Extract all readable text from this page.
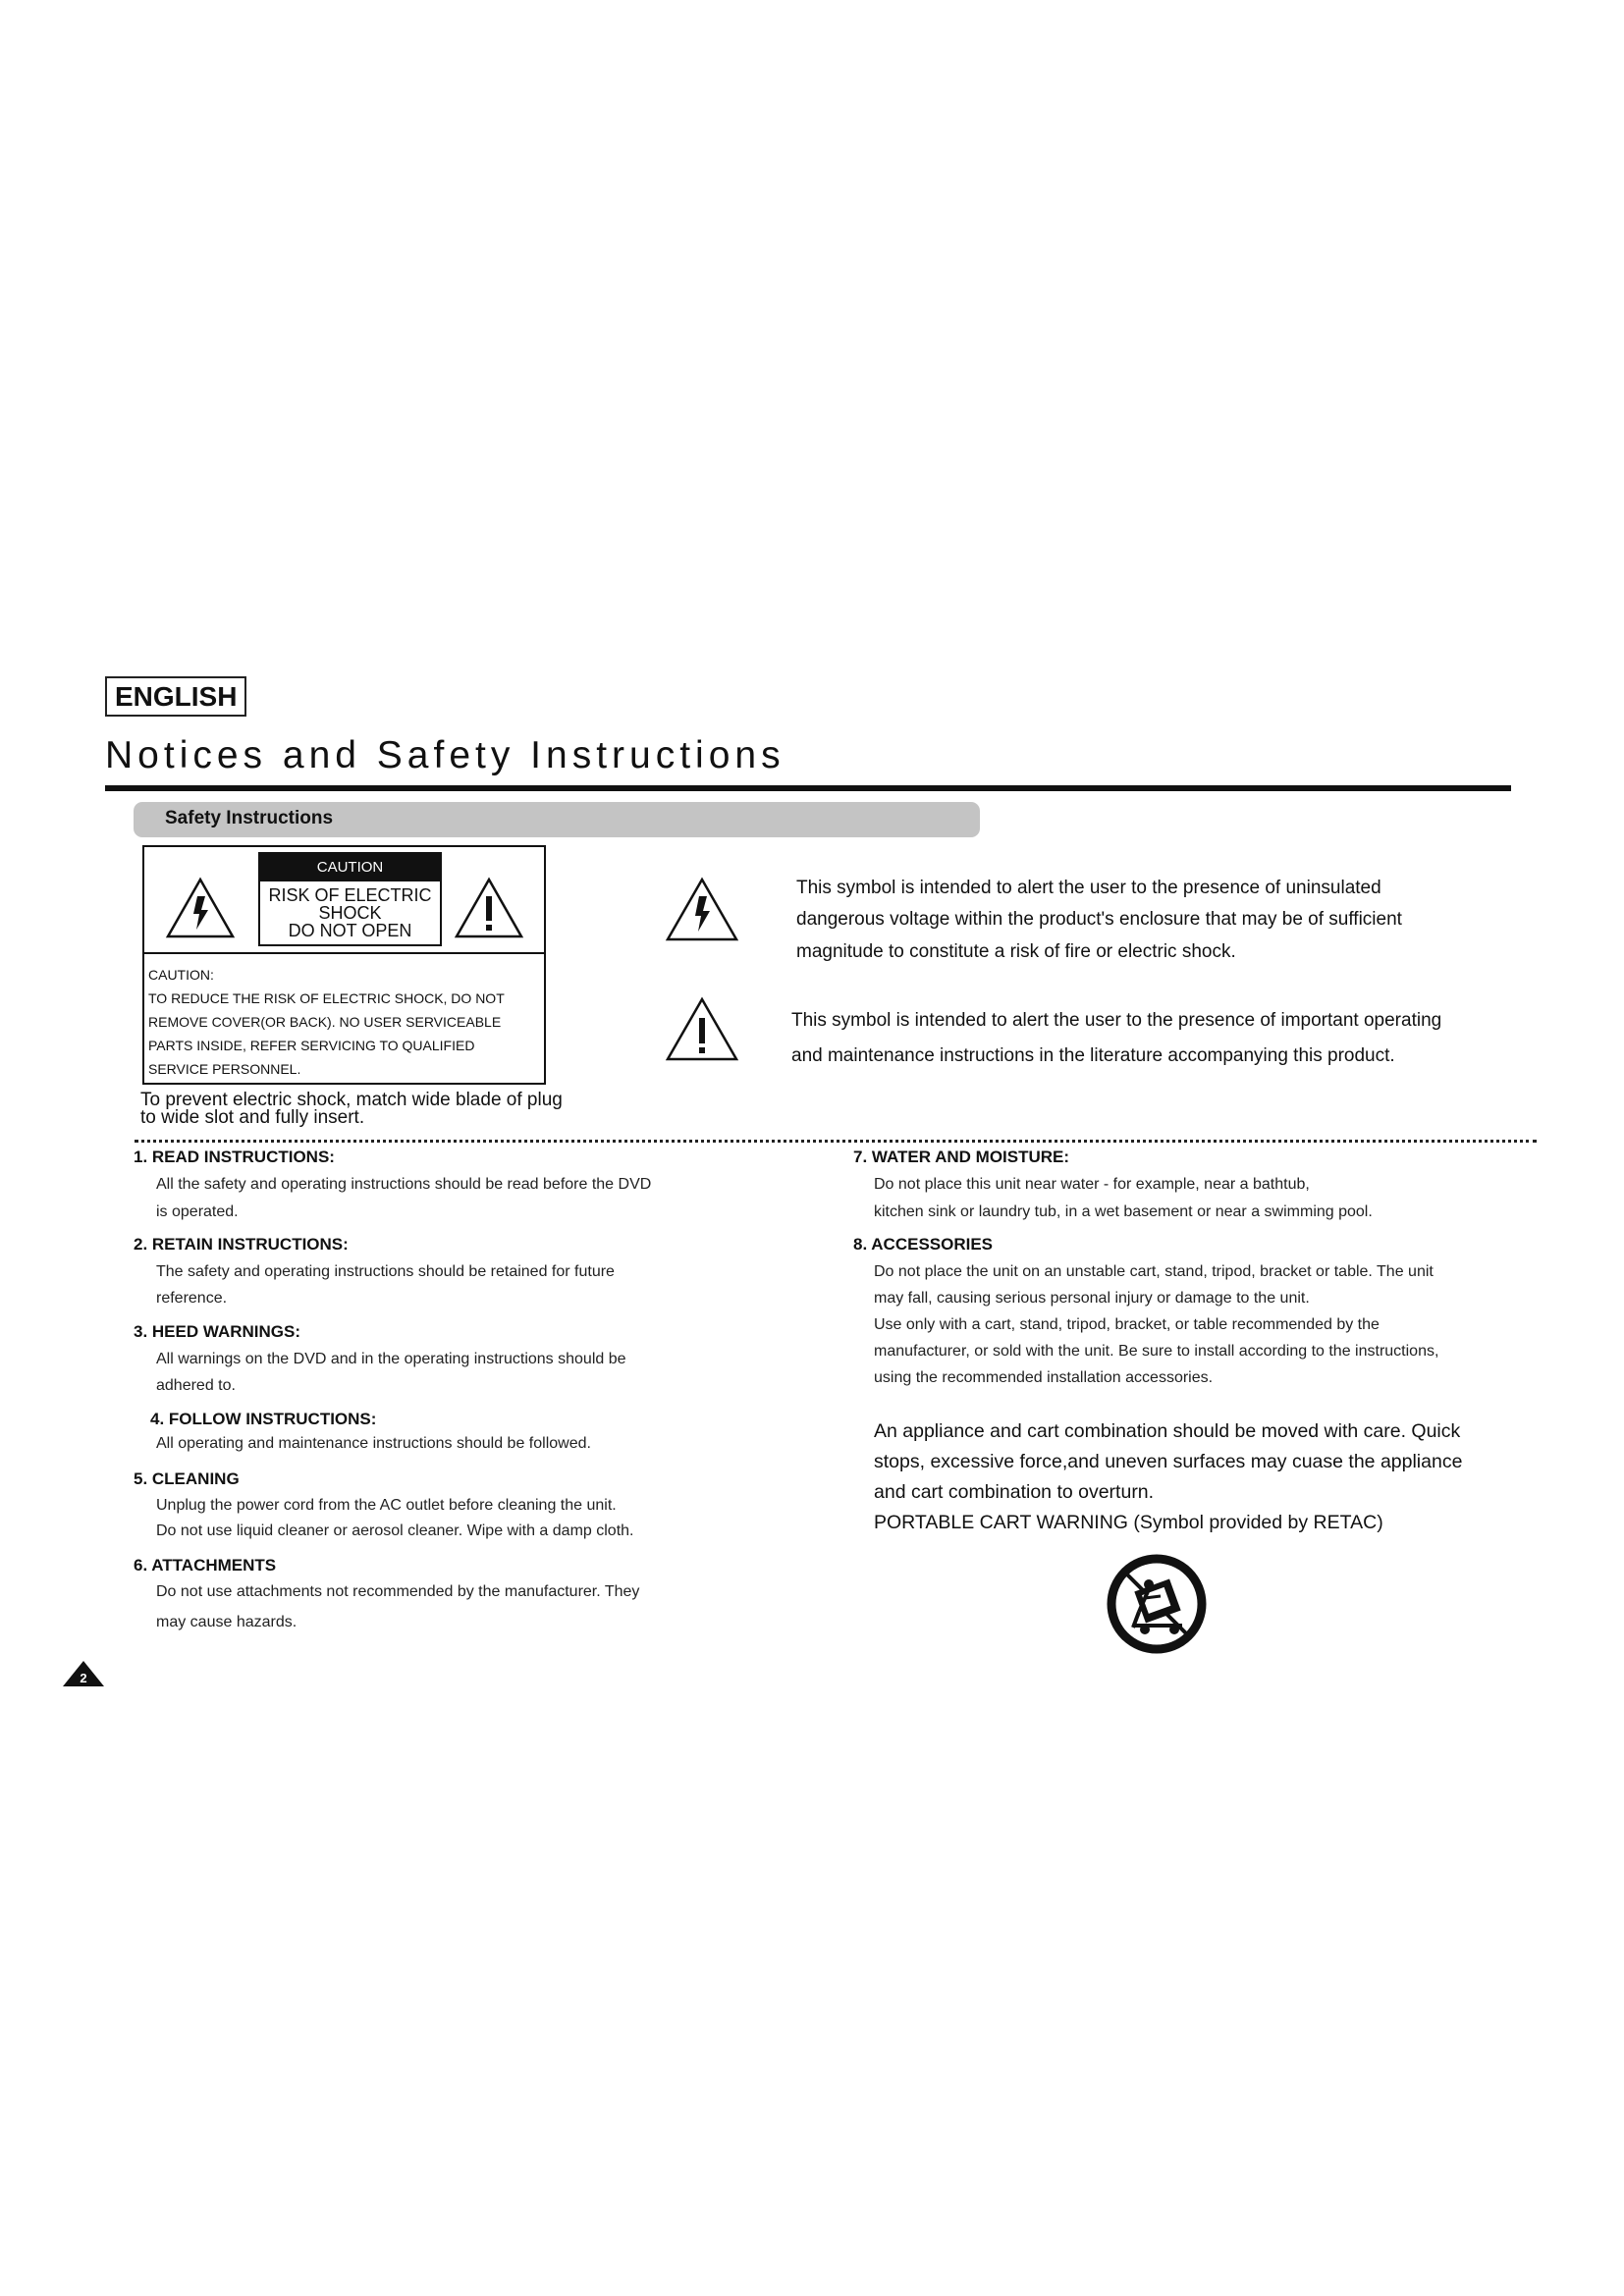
ENGLISH
Notices and Safety Instructions
Safety Instructions
CAUTION
RISK OF ELECTRIC
SHOCK
DO NOT OPEN
CAUTION:
TO REDUCE THE RISK OF ELECTRIC SHOCK, DO NOT
REMOVE COVER(OR BACK). NO USER SERVICEABLE
PARTS INSIDE, REFER SERVICING TO QUALIFIED
SERVICE PERSONNEL.
This symbol is intended to alert the user to the presence of uninsulated
dangerous voltage within the product's enclosure that may be of sufficient
magnitude to constitute a risk of fire or electric shock.
This symbol is intended to alert the user to the presence of important operating
and maintenance instructions in the literature accompanying this product.
To prevent electric shock, match wide blade of plug
to wide slot and fully insert.
1. READ INSTRUCTIONS:
All the safety and operating instructions should be read before the DVD
is operated.
2. RETAIN INSTRUCTIONS:
The safety and operating instructions should be retained for future
reference.
3. HEED WARNINGS:
All warnings on the DVD and in the operating instructions should be
adhered to.
4. FOLLOW INSTRUCTIONS:
All operating and maintenance instructions should be followed.
5. CLEANING
Unplug the power cord from the AC outlet before cleaning the unit.
Do not use liquid cleaner or aerosol cleaner. Wipe with a damp cloth.
6. ATTACHMENTS
Do not use attachments not recommended by the manufacturer. They
may cause hazards.
7. WATER AND MOISTURE:
Do not place this unit near water - for example, near a bathtub,
kitchen sink or laundry tub, in a wet basement or near a swimming pool.
8. ACCESSORIES
Do not place the unit on an unstable cart, stand, tripod, bracket or table. The unit
may fall, causing serious personal injury or damage to the unit.
Use only with a cart, stand, tripod, bracket, or table recommended by the
manufacturer, or sold with the unit. Be sure to install according to the instructions,
using the recommended installation accessories.
An appliance and cart combination should be moved with care. Quick
stops, excessive force,and uneven surfaces may cuase the appliance
and cart combination to overturn.
PORTABLE CART WARNING (Symbol provided by RETAC)
2
